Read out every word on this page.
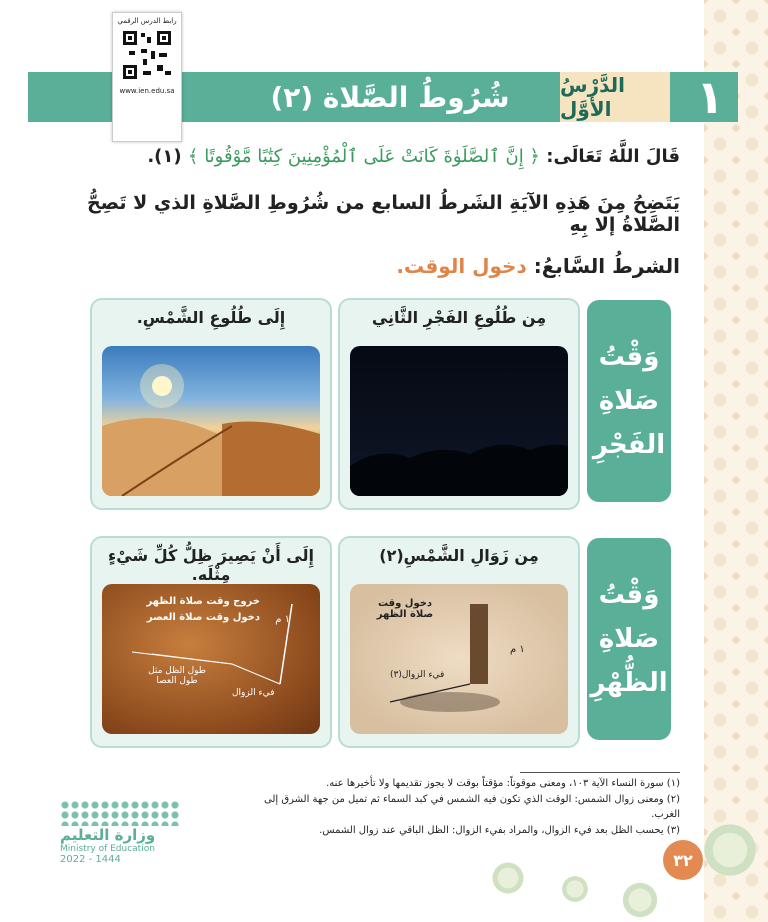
١
الدَّرْسُ الأَوَّل
شُرُوطُ الصَّلاة (٢)
رابط الدرس الرقمي
www.ien.edu.sa
قَالَ اللَّهُ تَعَالَى: ﴿ إِنَّ ٱلصَّلَوٰةَ كَانَتْ عَلَى ٱلْمُؤْمِنِينَ كِتَٰبًا مَّوْقُوتًا ﴾ (١).
يَتَضِحُ مِنَ هَذِهِ الآيَةِ الشَرطُ السابع من شُرُوطِ الصَّلاةِ الذي لا تَصِحُّ الصَّلاةُ إلا بِهِ
الشرطُ السَّابعُ: دخول الوقت.
وَقْتُ
صَلاةِ
الفَجْرِ
مِن طُلُوعِ الفَجْرِ الثَّانِي
إِلَى طُلُوعِ الشَّمْسِ.
وَقْتُ
صَلاةِ
الظُّهْرِ
مِن زَوَالِ الشَّمْسِ(٢)
دخول وقت صلاة الظهر
١ م
فيء الزوال(٣)
إِلَى أَنْ يَصِيرَ ظِلُّ كُلِّ شَيْءٍ مِثْلَه.
خروج وقت صلاة الظهر
دخول وقت صلاة العصر ١ م
طول الظل مثل طول العصا
فيء الزوال
(١) سورة النساء الآية ١٠٣، ومعنى موقوتاً: مؤقتاً بوقت لا يجوز تقديمها ولا تأخيرها عنه.
(٢) ومعنى زوال الشمس: الوقت الذي تكون فيه الشمس في كبد السماء ثم تميل من جهة الشرق إلى الغرب.
(٣) يحسب الظل بعد فيء الزوال، والمراد بفيء الزوال: الظل الباقي عند زوال الشمس.
٣٢
وزارة التعليم
Ministry of Education
2022 - 1444
